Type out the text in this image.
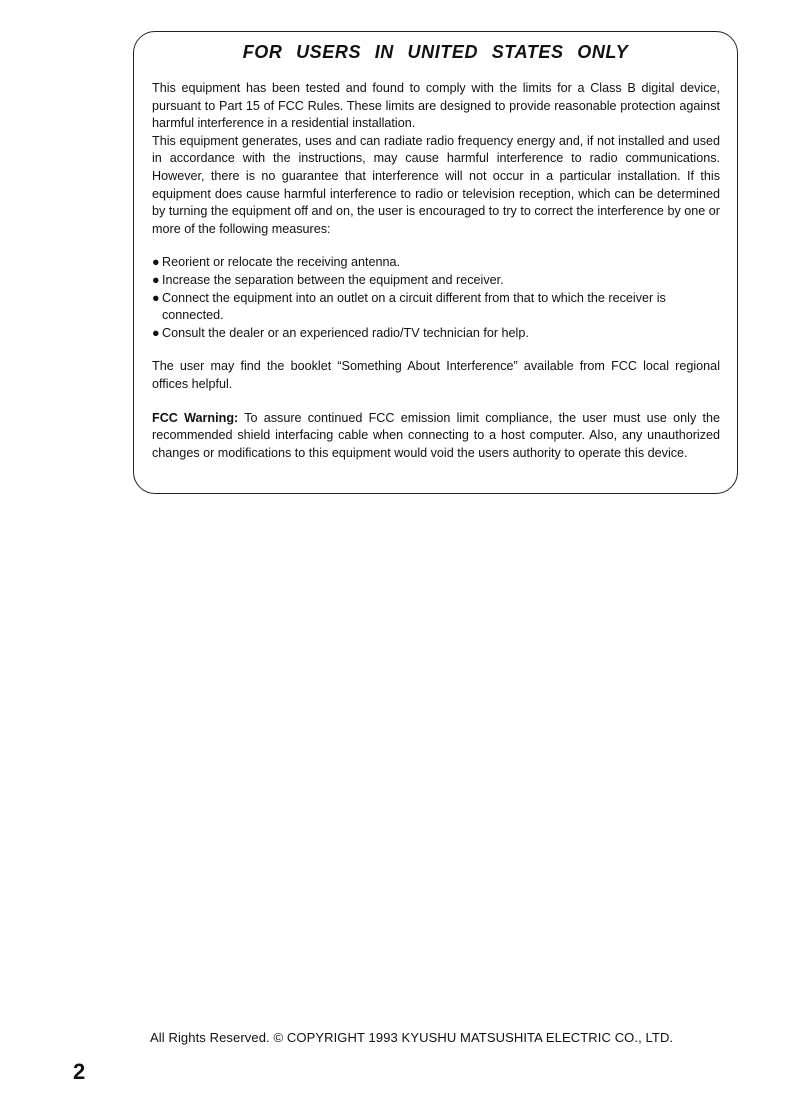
FOR USERS IN UNITED STATES ONLY

This equipment has been tested and found to comply with the limits for a Class B digital device, pursuant to Part 15 of FCC Rules. These limits are designed to provide reasonable protection against harmful interference in a residential installation.

This equipment generates, uses and can radiate radio frequency energy and, if not installed and used in accordance with the instructions, may cause harmful interference to radio communications. However, there is no guarantee that interference will not occur in a particular installation. If this equipment does cause harmful interference to radio or television reception, which can be determined by turning the equipment off and on, the user is encouraged to try to correct the interference by one or more of the following measures:

● Reorient or relocate the receiving antenna.
● Increase the separation between the equipment and receiver.
● Connect the equipment into an outlet on a circuit different from that to which the receiver is connected.
● Consult the dealer or an experienced radio/TV technician for help.

The user may find the booklet “Something About Interference” available from FCC local regional offices helpful.

FCC Warning: To assure continued FCC emission limit compliance, the user must use only the recommended shield interfacing cable when connecting to a host computer. Also, any unauthorized changes or modifications to this equipment would void the users authority to operate this device.

All Rights Reserved. © COPYRIGHT 1993 KYUSHU MATSUSHITA ELECTRIC CO., LTD.
2
